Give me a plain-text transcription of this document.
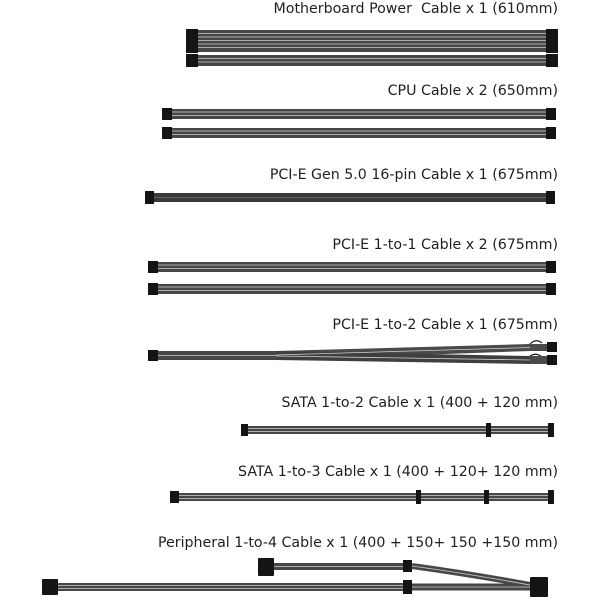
Motherboard Power  Cable x 1 (610mm)
CPU Cable x 2 (650mm)
PCI-E Gen 5.0 16-pin Cable x 1 (675mm)
PCI-E 1-to-1 Cable x 2 (675mm)
PCI-E 1-to-2 Cable x 1 (675mm)
SATA 1-to-2 Cable x 1 (400 + 120 mm)
SATA 1-to-3 Cable x 1 (400 + 120+ 120 mm)
Peripheral 1-to-4 Cable x 1 (400 + 150+ 150 +150 mm)
